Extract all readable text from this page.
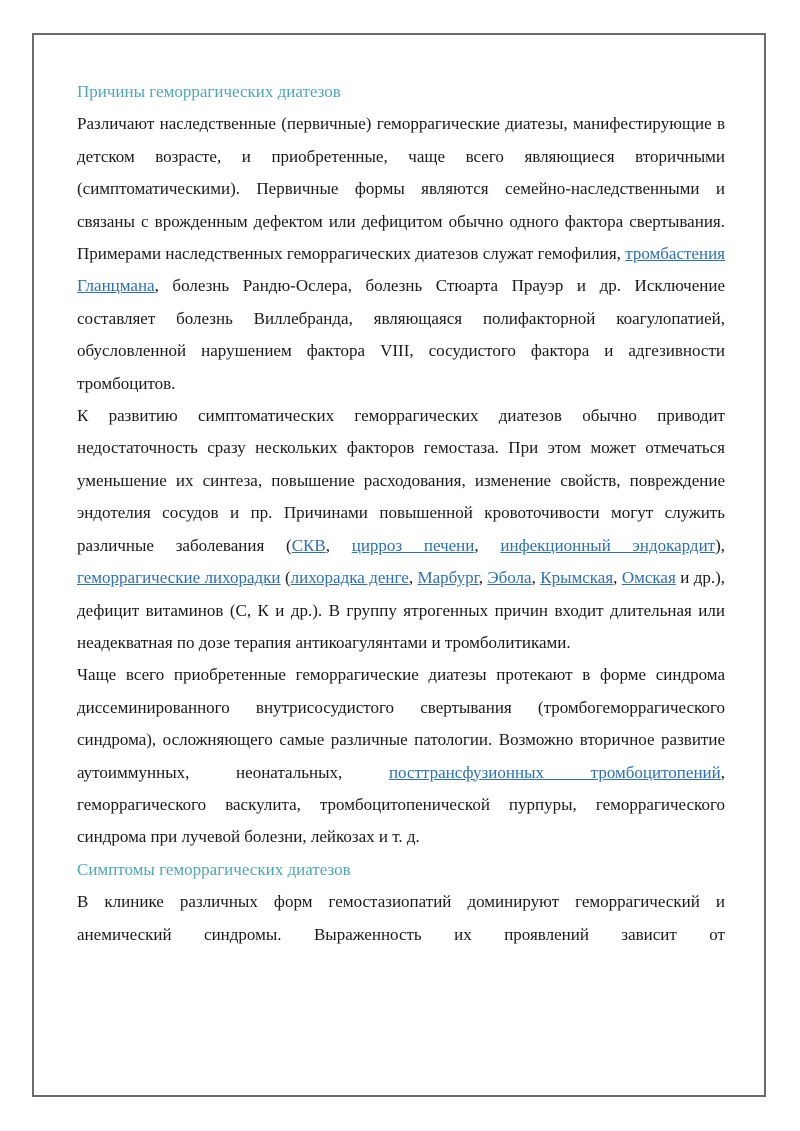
Причины геморрагических диатезов

Различают наследственные (первичные) геморрагические диатезы, манифестирующие в детском возрасте, и приобретенные, чаще всего являющиеся вторичными (симптоматическими). Первичные формы являются семейно-наследственными и связаны с врожденным дефектом или дефицитом обычно одного фактора свертывания. Примерами наследственных геморрагических диатезов служат гемофилия, тромбастения Гланцмана, болезнь Рандю-Ослера, болезнь Стюарта Прауэр и др. Исключение составляет болезнь Виллебранда, являющаяся полифакторной коагулопатией, обусловленной нарушением фактора VIII, сосудистого фактора и адгезивности тромбоцитов.

К развитию симптоматических геморрагических диатезов обычно приводит недостаточность сразу нескольких факторов гемостаза. При этом может отмечаться уменьшение их синтеза, повышение расходования, изменение свойств, повреждение эндотелия сосудов и пр. Причинами повышенной кровоточивости могут служить различные заболевания (СКВ, цирроз печени, инфекционный эндокардит), геморрагические лихорадки (лихорадка денге, Марбург, Эбола, Крымская, Омская и др.), дефицит витаминов (С, К и др.). В группу ятрогенных причин входит длительная или неадекватная по дозе терапия антикоагулянтами и тромболитиками.

Чаще всего приобретенные геморрагические диатезы протекают в форме синдрома диссеминированного внутрисосудистого свертывания (тромбогеморрагического синдрома), осложняющего самые различные патологии. Возможно вторичное развитие аутоиммунных, неонатальных, посттрансфузионных тромбоцитопений, геморрагического васкулита, тромбоцитопенической пурпуры, геморрагического синдрома при лучевой болезни, лейкозах и т. д.

Симптомы геморрагических диатезов

В клинике различных форм гемостазиопатий доминируют геморрагический и анемический синдромы. Выраженность их проявлений зависит от
